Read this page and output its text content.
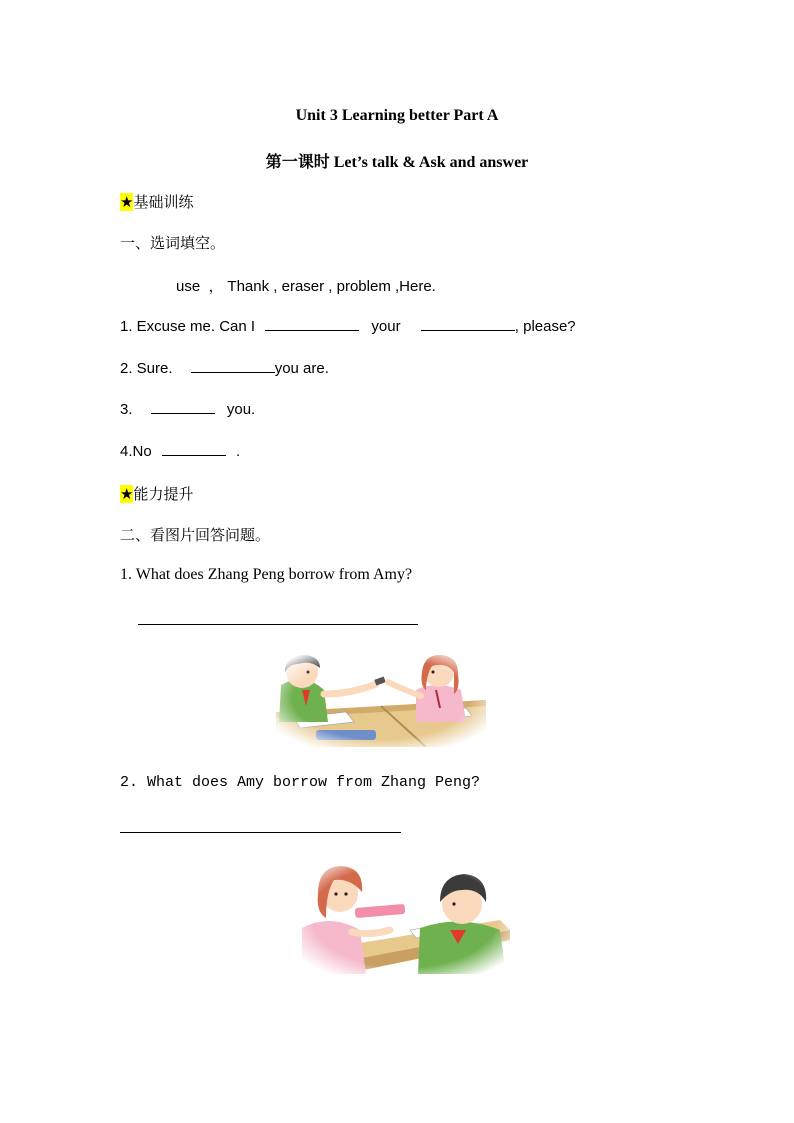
Unit 3 Learning better Part A
第一课时 Let’s talk & Ask and answer
★基础训练
一、选词填空。
use  ， Thank , eraser , problem ,Here.
1. Excuse me. Can I	your	, please?
2. Sure.	you are.
3.	you.
4.No	.
★能力提升
二、看图片回答问题。
1. What does Zhang Peng borrow from Amy?
2. What does Amy borrow from Zhang Peng?
